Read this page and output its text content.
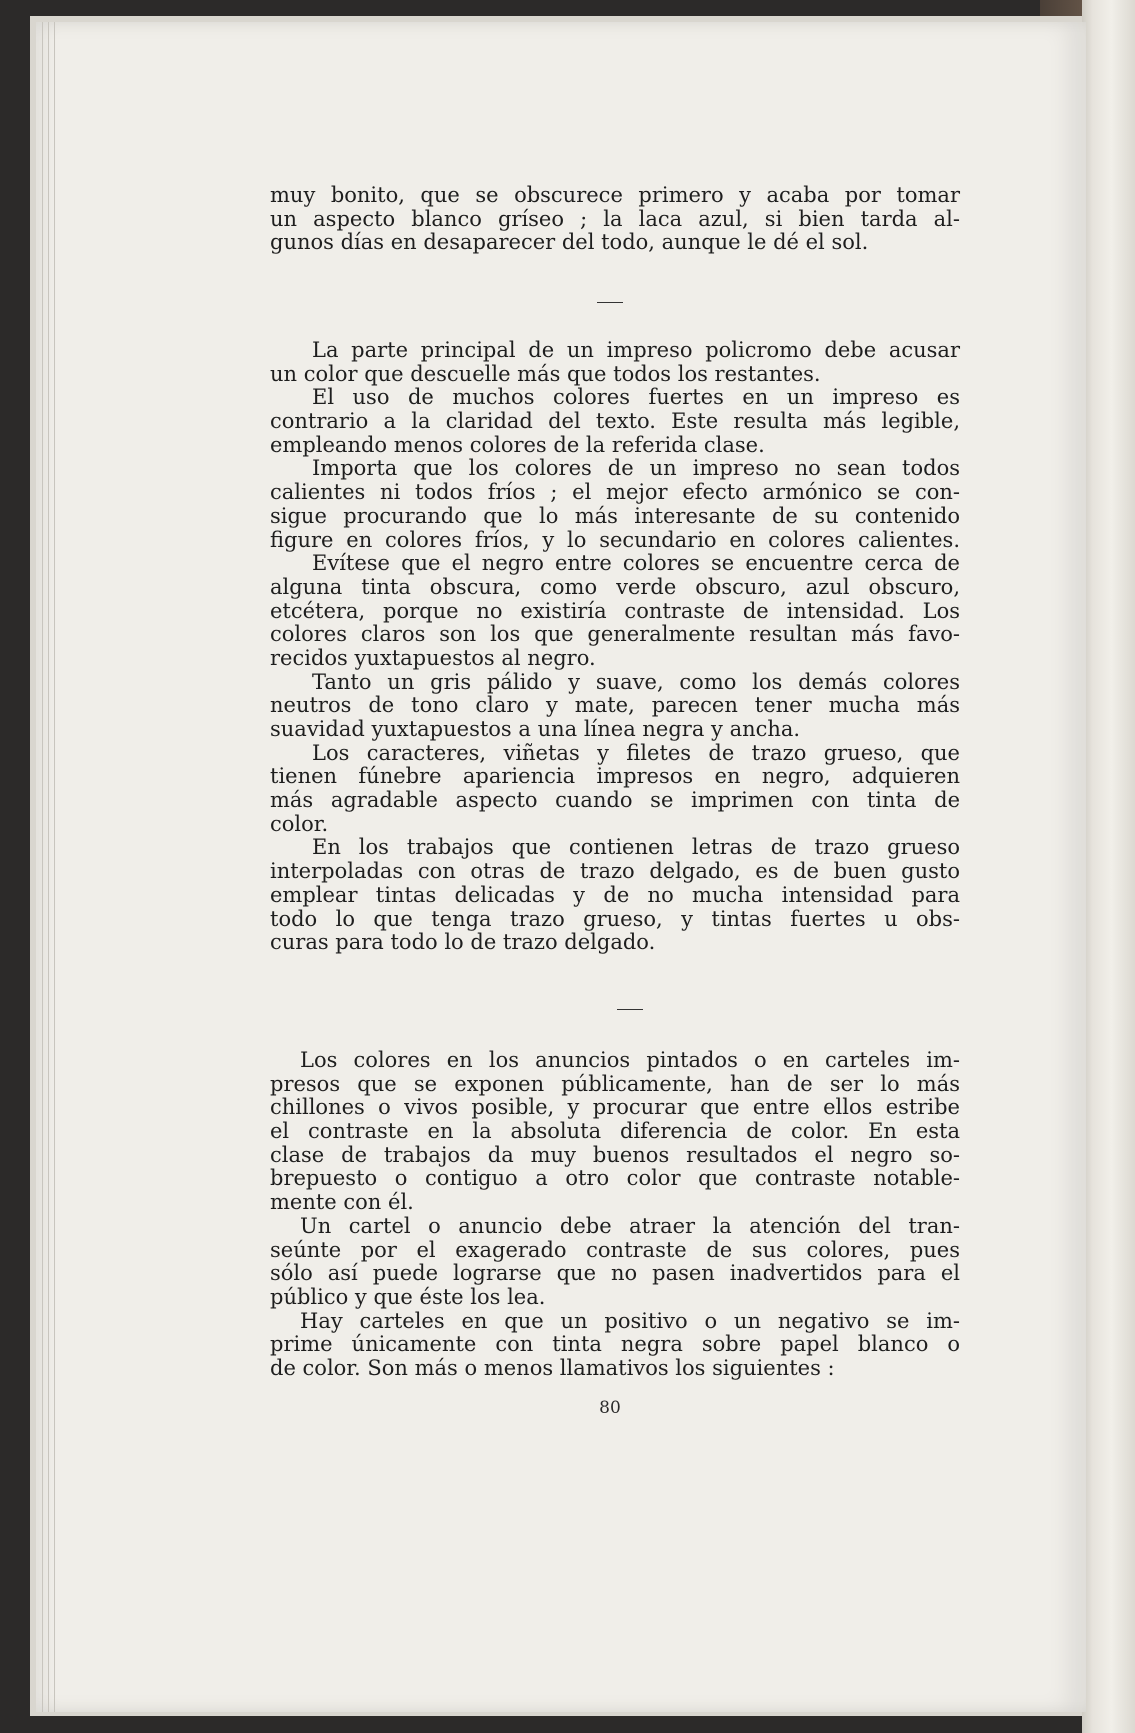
muy bonito, que se obscurece primero y acaba por tomar
un aspecto blanco gríseo ; la laca azul, si bien tarda al-
gunos días en desaparecer del todo, aunque le dé el sol.
La parte principal de un impreso policromo debe acusar
un color que descuelle más que todos los restantes.
El uso de muchos colores fuertes en un impreso es
contrario a la claridad del texto. Este resulta más legible,
empleando menos colores de la referida clase.
Importa que los colores de un impreso no sean todos
calientes ni todos fríos ; el mejor efecto armónico se con-
sigue procurando que lo más interesante de su contenido
figure en colores fríos, y lo secundario en colores calientes.
Evítese que el negro entre colores se encuentre cerca de
alguna tinta obscura, como verde obscuro, azul obscuro,
etcétera, porque no existiría contraste de intensidad. Los
colores claros son los que generalmente resultan más favo-
recidos yuxtapuestos al negro.
Tanto un gris pálido y suave, como los demás colores
neutros de tono claro y mate, parecen tener mucha más
suavidad yuxtapuestos a una línea negra y ancha.
Los caracteres, viñetas y filetes de trazo grueso, que
tienen fúnebre apariencia impresos en negro, adquieren
más agradable aspecto cuando se imprimen con tinta de
color.
En los trabajos que contienen letras de trazo grueso
interpoladas con otras de trazo delgado, es de buen gusto
emplear tintas delicadas y de no mucha intensidad para
todo lo que tenga trazo grueso, y tintas fuertes u obs-
curas para todo lo de trazo delgado.
Los colores en los anuncios pintados o en carteles im-
presos que se exponen públicamente, han de ser lo más
chillones o vivos posible, y procurar que entre ellos estribe
el contraste en la absoluta diferencia de color. En esta
clase de trabajos da muy buenos resultados el negro so-
brepuesto o contiguo a otro color que contraste notable-
mente con él.
Un cartel o anuncio debe atraer la atención del tran-
seúnte por el exagerado contraste de sus colores, pues
sólo así puede lograrse que no pasen inadvertidos para el
público y que éste los lea.
Hay carteles en que un positivo o un negativo se im-
prime únicamente con tinta negra sobre papel blanco o
de color. Son más o menos llamativos los siguientes :
80
